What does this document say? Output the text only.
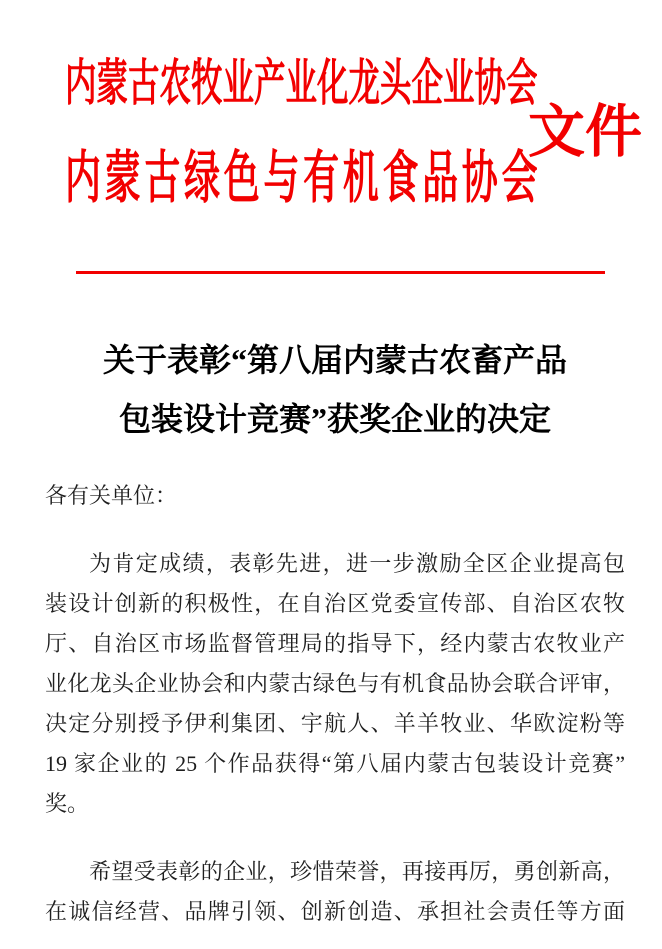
内蒙古农牧业产业化龙头企业协会
内蒙古绿色与有机食品协会
文件
关于表彰“第八届内蒙古农畜产品
包装设计竞赛”获奖企业的决定
各有关单位：
为肯定成绩，表彰先进，进一步激励全区企业提高包
装设计创新的积极性，在自治区党委宣传部、自治区农牧
厅、自治区市场监督管理局的指导下，经内蒙古农牧业产
业化龙头企业协会和内蒙古绿色与有机食品协会联合评审，
决定分别授予伊利集团、宇航人、羊羊牧业、华欧淀粉等
19 家企业的 25 个作品获得“第八届内蒙古包装设计竞赛”
奖。
希望受表彰的企业，珍惜荣誉，再接再厉，勇创新高，
在诚信经营、品牌引领、创新创造、承担社会责任等方面
